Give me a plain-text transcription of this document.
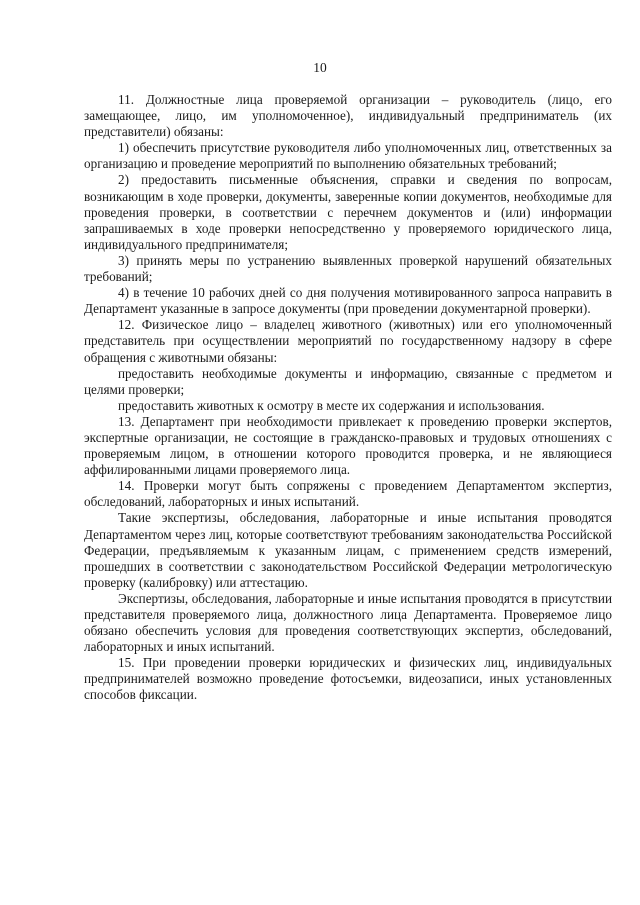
10

11. Должностные лица проверяемой организации – руководитель (лицо, его замещающее, лицо, им уполномоченное), индивидуальный предприниматель (их представители) обязаны:

1) обеспечить присутствие руководителя либо уполномоченных лиц, ответственных за организацию и проведение мероприятий по выполнению обязательных требований;

2) предоставить письменные объяснения, справки и сведения по вопросам, возникающим в ходе проверки, документы, заверенные копии документов, необходимые для проведения проверки, в соответствии с перечнем документов и (или) информации запрашиваемых в ходе проверки непосредственно у проверяемого юридического лица, индивидуального предпринимателя;

3) принять меры по устранению выявленных проверкой нарушений обязательных требований;

4) в течение 10 рабочих дней со дня получения мотивированного запроса направить в Департамент указанные в запросе документы (при проведении документарной проверки).

12. Физическое лицо – владелец животного (животных) или его уполномоченный представитель при осуществлении мероприятий по государственному надзору в сфере обращения с животными обязаны:

предоставить необходимые документы и информацию, связанные с предметом и целями проверки;

предоставить животных к осмотру в месте их содержания и использования.

13. Департамент при необходимости привлекает к проведению проверки экспертов, экспертные организации, не состоящие в гражданско-правовых и трудовых отношениях с проверяемым лицом, в отношении которого проводится проверка, и не являющиеся аффилированными лицами проверяемого лица.

14. Проверки могут быть сопряжены с проведением Департаментом экспертиз, обследований, лабораторных и иных испытаний.

Такие экспертизы, обследования, лабораторные и иные испытания проводятся Департаментом через лиц, которые соответствуют требованиям законодательства Российской Федерации, предъявляемым к указанным лицам, с применением средств измерений, прошедших в соответствии с законодательством Российской Федерации метрологическую проверку (калибровку) или аттестацию.

Экспертизы, обследования, лабораторные и иные испытания проводятся в присутствии представителя проверяемого лица, должностного лица Департамента. Проверяемое лицо обязано обеспечить условия для проведения соответствующих экспертиз, обследований, лабораторных и иных испытаний.

15. При проведении проверки юридических и физических лиц, индивидуальных предпринимателей возможно проведение фотосъемки, видеозаписи, иных установленных способов фиксации.
